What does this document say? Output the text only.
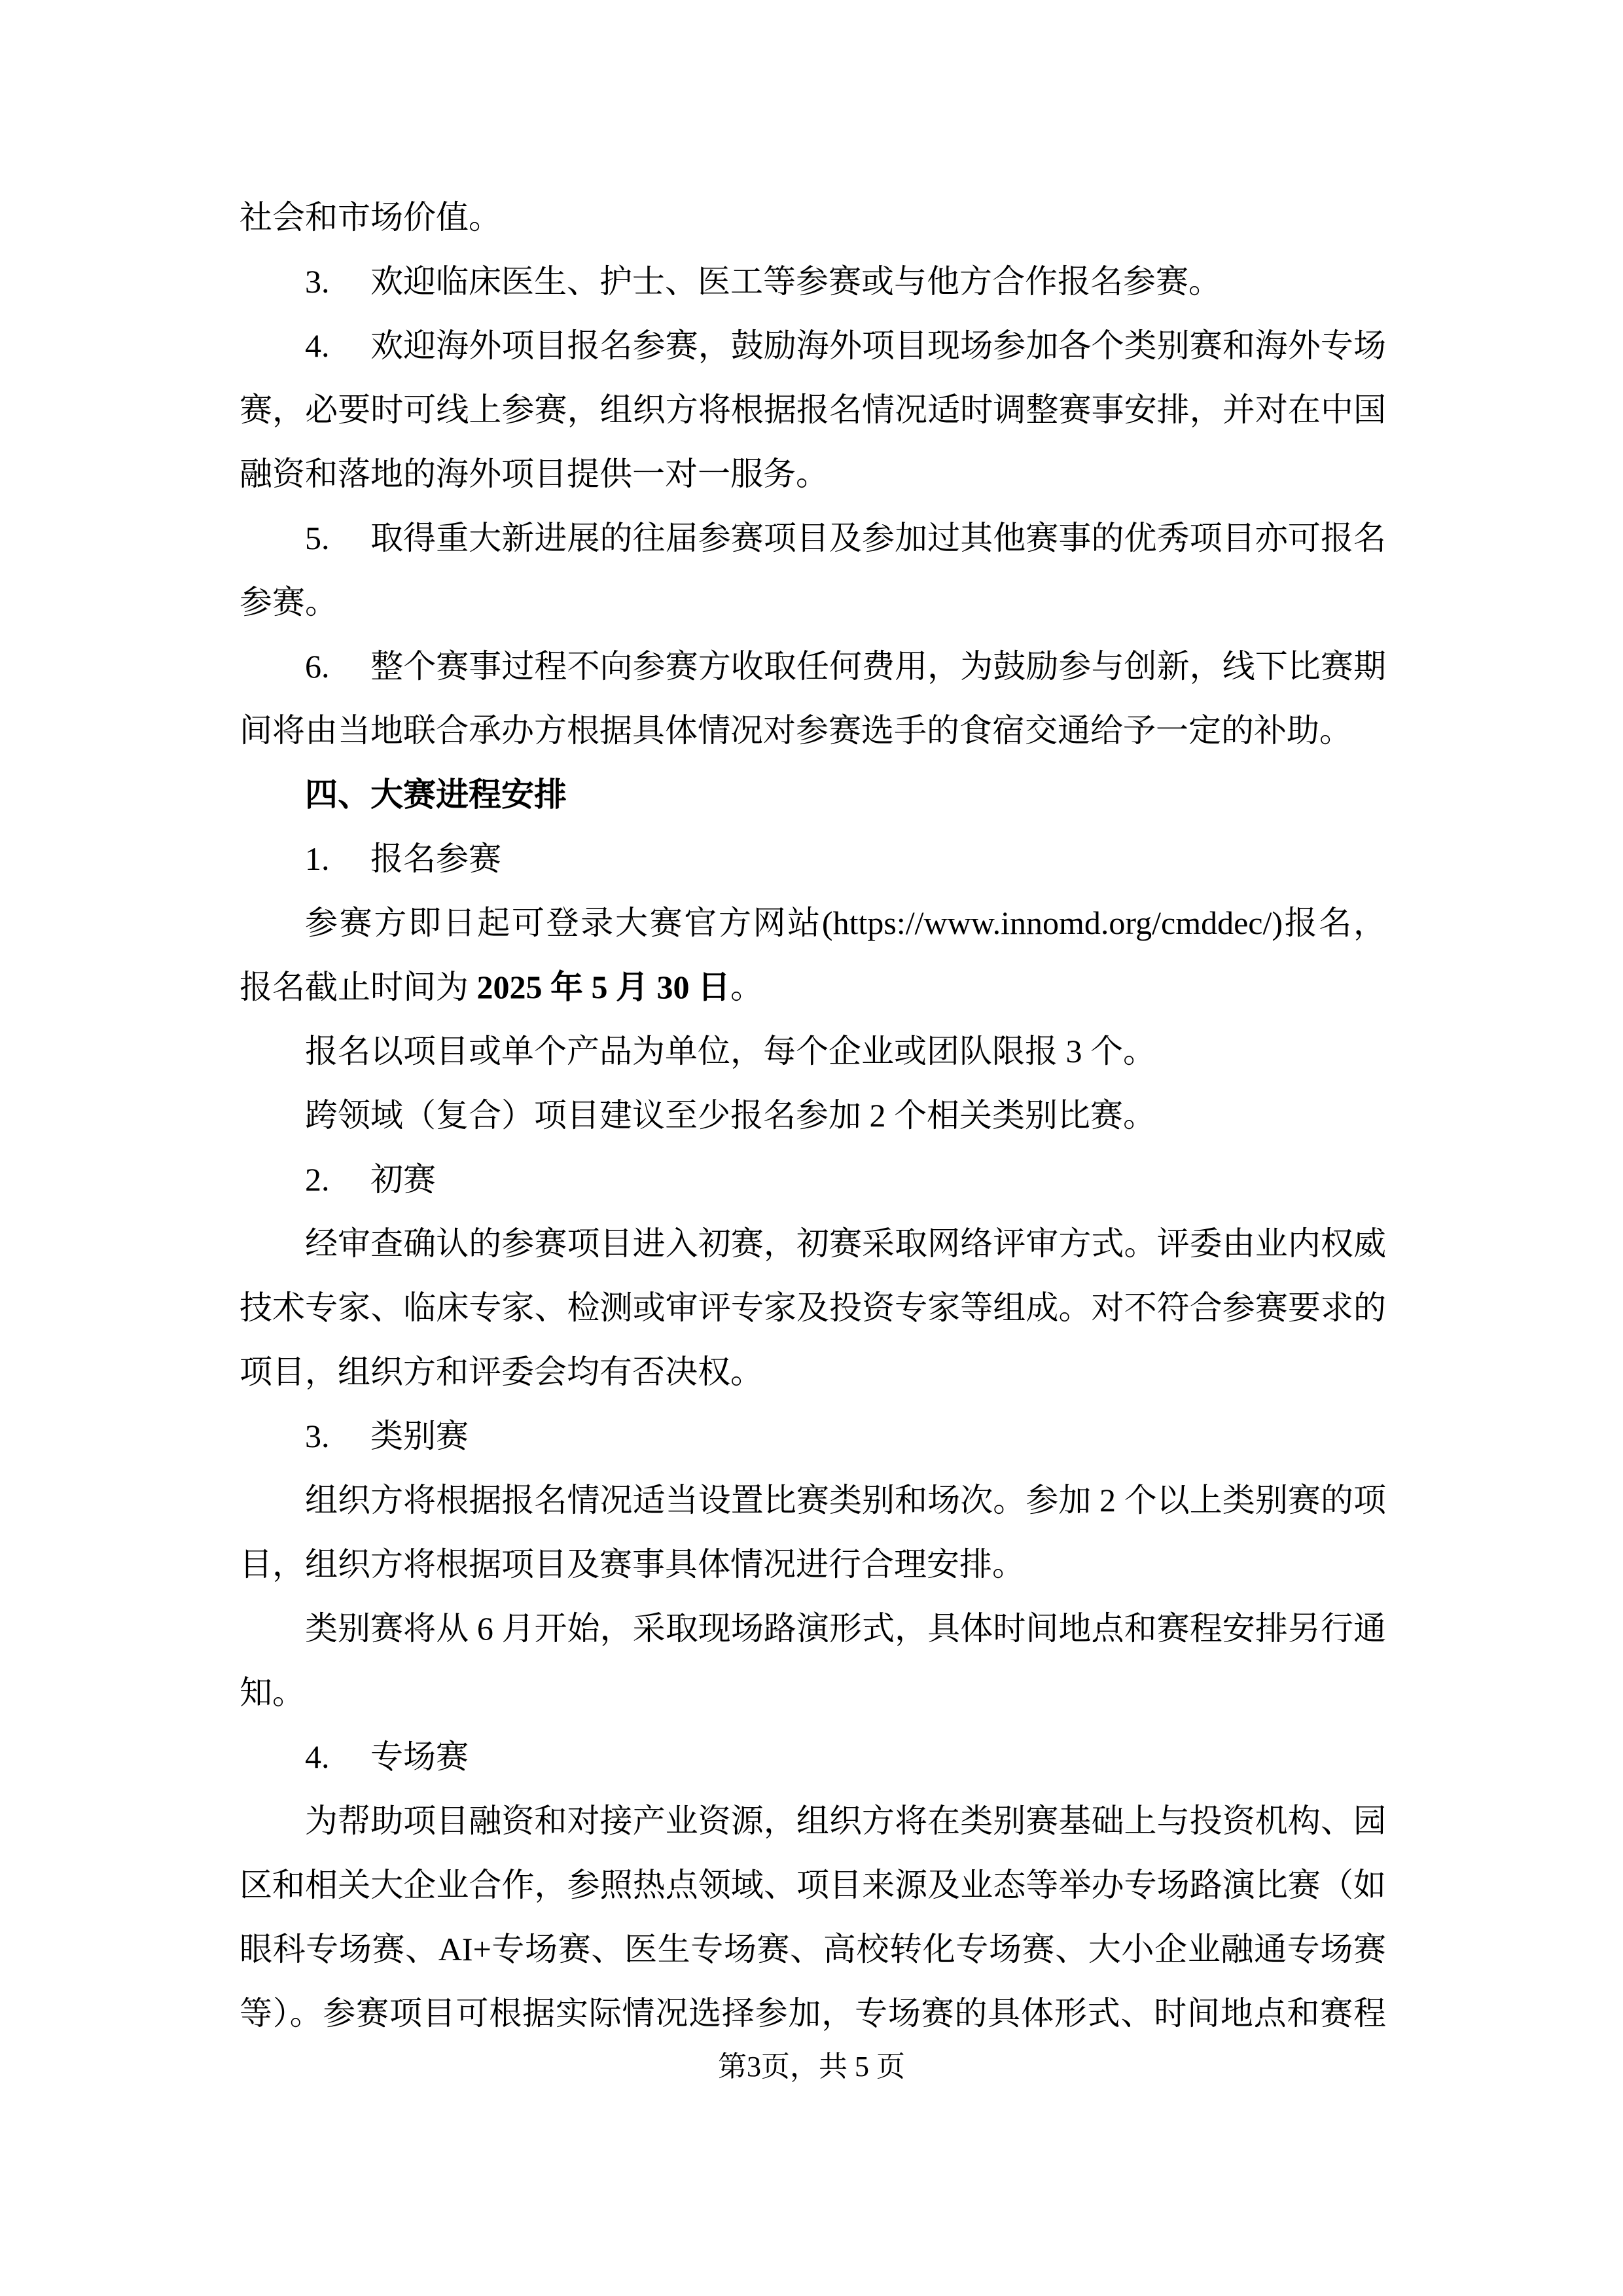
社会和市场价值。
3. 欢迎临床医生、护士、医工等参赛或与他方合作报名参赛。
4. 欢迎海外项目报名参赛，鼓励海外项目现场参加各个类别赛和海外专场
赛，必要时可线上参赛，组织方将根据报名情况适时调整赛事安排，并对在中国
融资和落地的海外项目提供一对一服务。
5. 取得重大新进展的往届参赛项目及参加过其他赛事的优秀项目亦可报名
参赛。
6. 整个赛事过程不向参赛方收取任何费用，为鼓励参与创新，线下比赛期
间将由当地联合承办方根据具体情况对参赛选手的食宿交通给予一定的补助。
四、大赛进程安排
1. 报名参赛
参赛方即日起可登录大赛官方网站(https://www.innomd.org/cmddec/)报名，
报名截止时间为 2025 年 5 月 30 日。
报名以项目或单个产品为单位，每个企业或团队限报 3 个。
跨领域（复合）项目建议至少报名参加 2 个相关类别比赛。
2. 初赛
经审查确认的参赛项目进入初赛，初赛采取网络评审方式。评委由业内权威
技术专家、临床专家、检测或审评专家及投资专家等组成。对不符合参赛要求的
项目，组织方和评委会均有否决权。
3. 类别赛
组织方将根据报名情况适当设置比赛类别和场次。参加 2 个以上类别赛的项
目，组织方将根据项目及赛事具体情况进行合理安排。
类别赛将从 6 月开始，采取现场路演形式，具体时间地点和赛程安排另行通
知。
4. 专场赛
为帮助项目融资和对接产业资源，组织方将在类别赛基础上与投资机构、园
区和相关大企业合作，参照热点领域、项目来源及业态等举办专场路演比赛（如
眼科专场赛、AI+专场赛、医生专场赛、高校转化专场赛、大小企业融通专场赛
等）。参赛项目可根据实际情况选择参加，专场赛的具体形式、时间地点和赛程
第3页，共 5 页
